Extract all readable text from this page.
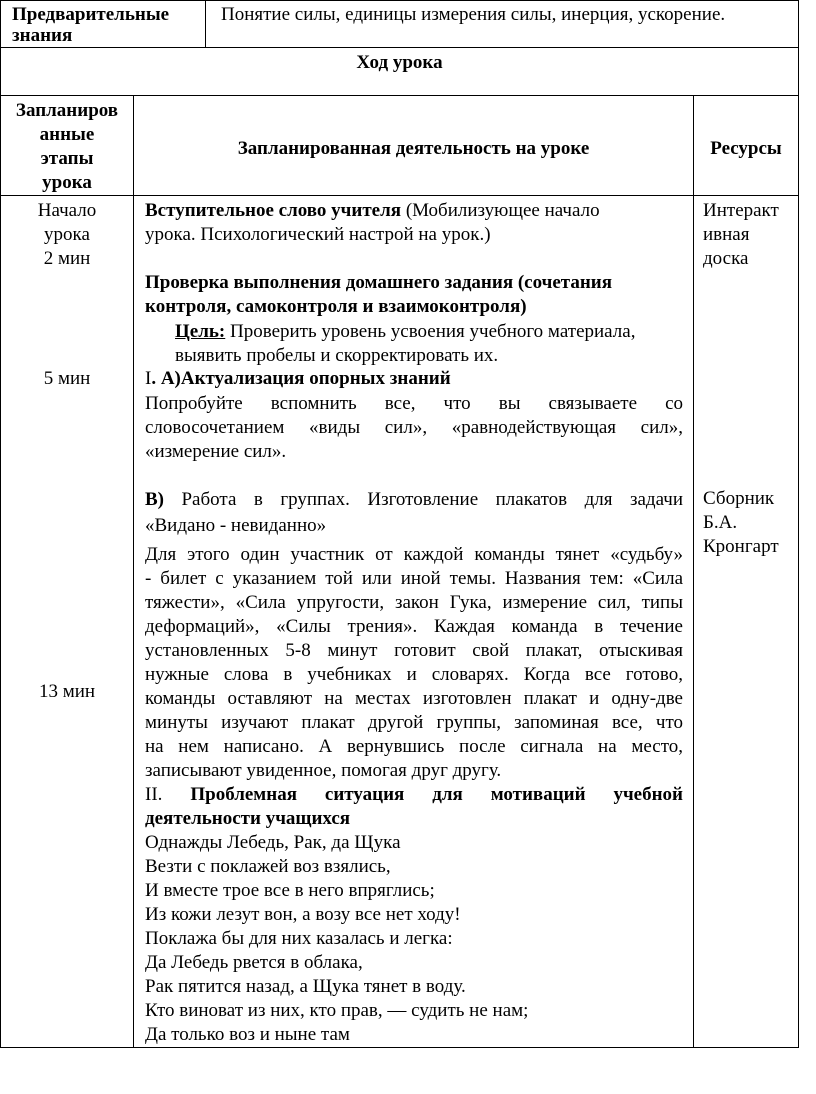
Предварительные
знания
Понятие силы, единицы измерения силы, инерция, ускорение.
Ход урока
Запланиров
анные
этапы
урока
Запланированная деятельность на уроке	Ресурсы
Начало
урока
2 мин
5 мин
13 мин
Интеракт
ивная
доска
Сборник
Б.А.
Кронгарт
Вступительное слово учителя (Мобилизующее начало
урока. Психологический настрой на урок.)
Проверка выполнения домашнего задания (сочетания
контроля, самоконтроля и взаимоконтроля)
Цель: Проверить уровень усвоения учебного материала,
выявить пробелы и скорректировать их.
I. А)Актуализация опорных знаний
Попробуйте вспомнить все, что вы связываете со
словосочетанием «виды сил», «равнодействующая сил»,
«измерение сил».
В) Работа в группах. Изготовление плакатов для задачи
«Видано - невиданно»
Для этого один участник от каждой команды тянет «судьбу»
- билет с указанием той или иной темы. Названия тем: «Сила
тяжести», «Сила упругости, закон Гука, измерение сил, типы
деформаций», «Силы трения». Каждая команда в течение
установленных 5-8 минут готовит свой плакат, отыскивая
нужные слова в учебниках и словарях. Когда все готово,
команды оставляют на местах изготовлен плакат и одну-две
минуты изучают плакат другой группы, запоминая все, что
на нем написано. А вернувшись после сигнала на место,
записывают увиденное, помогая друг другу.
II. Проблемная ситуация для мотиваций учебной
деятельности учащихся
Однажды Лебедь, Рак, да Щука
Везти с поклажей воз взялись,
И вместе трое все в него впряглись;
Из кожи лезут вон, а возу все нет ходу!
Поклажа бы для них казалась и легка:
Да Лебедь рвется в облака,
Рак пятится назад, а Щука тянет в воду.
Кто виноват из них, кто прав, — судить не нам;
Да только воз и ныне там
